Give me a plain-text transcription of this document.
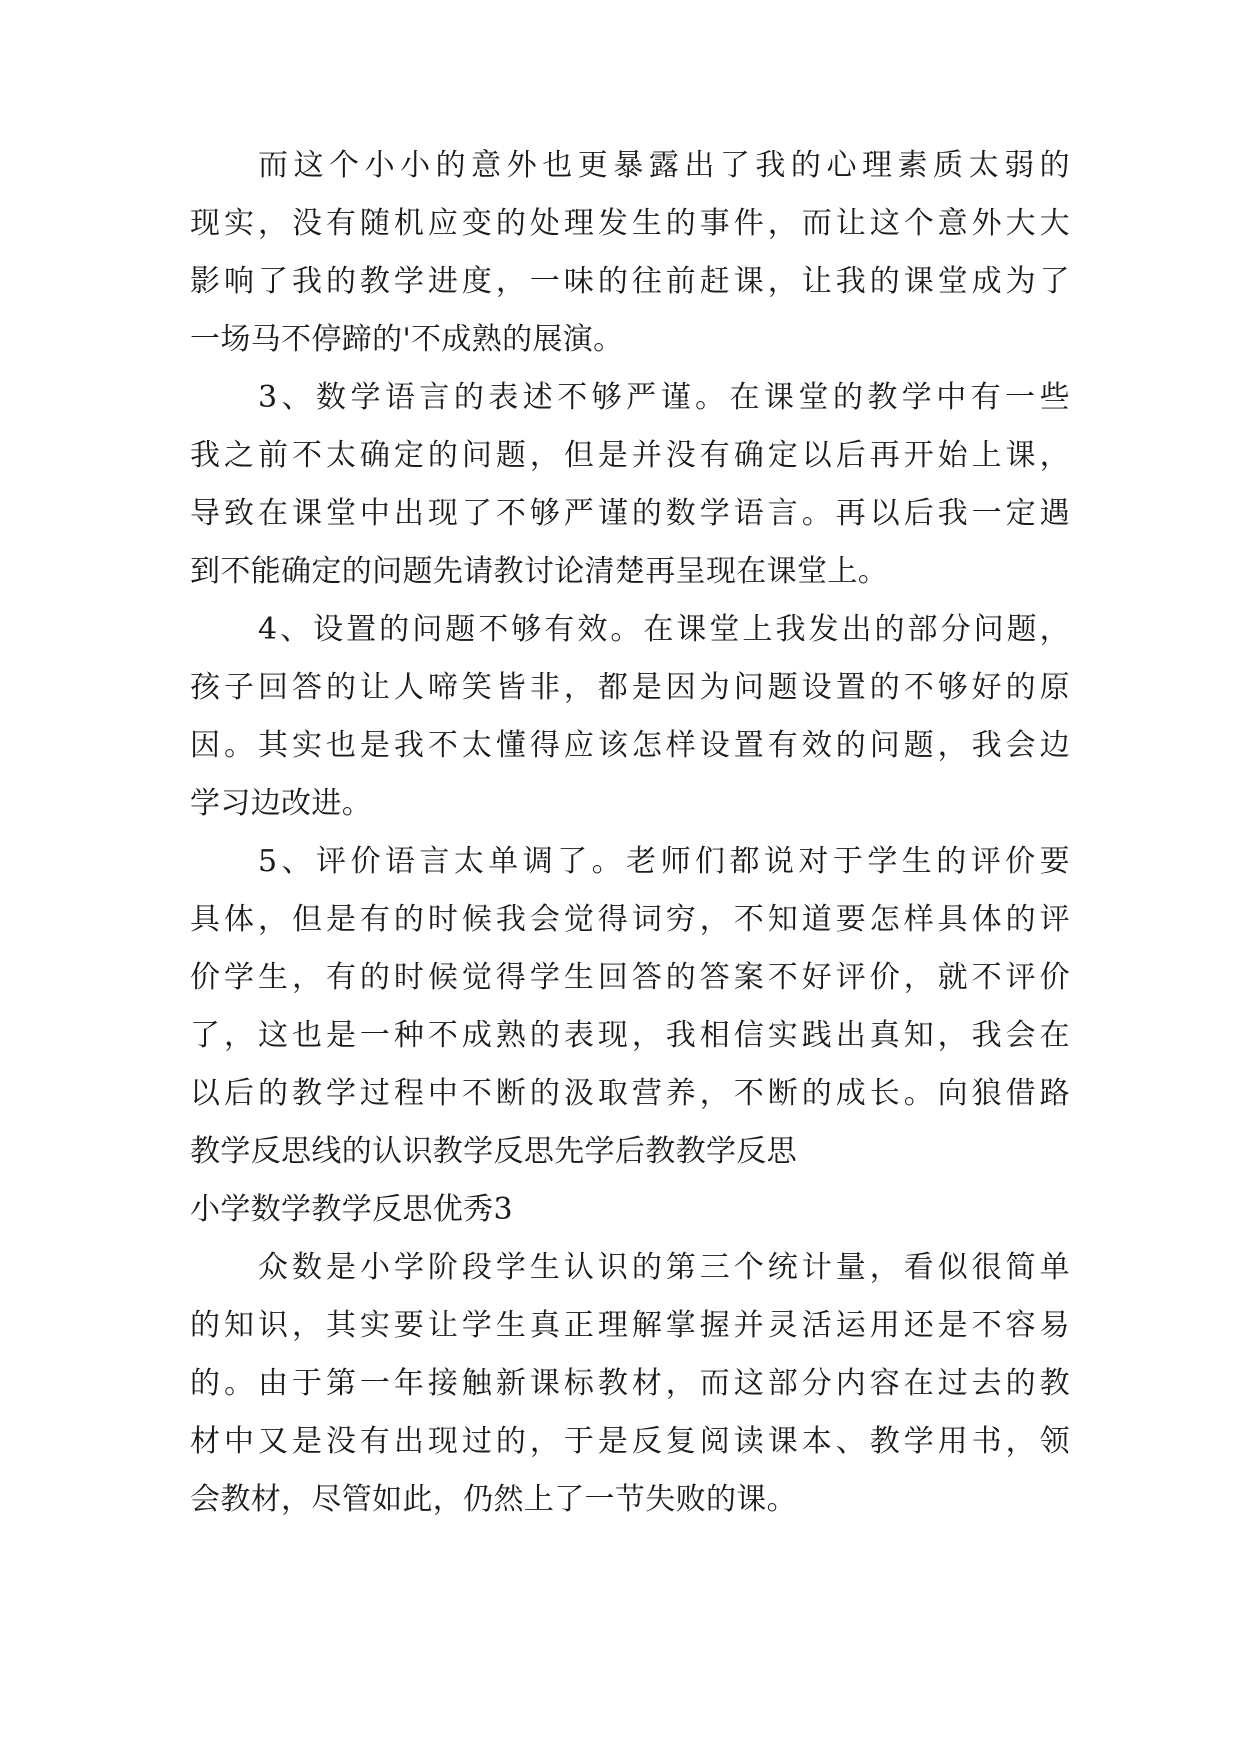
而这个小小的意外也更暴露出了我的心理素质太弱的
现实，没有随机应变的处理发生的事件，而让这个意外大大
影响了我的教学进度，一味的往前赶课，让我的课堂成为了
一场马不停蹄的'不成熟的展演。
3、数学语言的表述不够严谨。在课堂的教学中有一些
我之前不太确定的问题，但是并没有确定以后再开始上课，
导致在课堂中出现了不够严谨的数学语言。再以后我一定遇
到不能确定的问题先请教讨论清楚再呈现在课堂上。
4、设置的问题不够有效。在课堂上我发出的部分问题，
孩子回答的让人啼笑皆非，都是因为问题设置的不够好的原
因。其实也是我不太懂得应该怎样设置有效的问题，我会边
学习边改进。
5、评价语言太单调了。老师们都说对于学生的评价要
具体，但是有的时候我会觉得词穷，不知道要怎样具体的评
价学生，有的时候觉得学生回答的答案不好评价，就不评价
了，这也是一种不成熟的表现，我相信实践出真知，我会在
以后的教学过程中不断的汲取营养，不断的成长。向狼借路
教学反思线的认识教学反思先学后教教学反思
小学数学教学反思优秀3
众数是小学阶段学生认识的第三个统计量，看似很简单
的知识，其实要让学生真正理解掌握并灵活运用还是不容易
的。由于第一年接触新课标教材，而这部分内容在过去的教
材中又是没有出现过的，于是反复阅读课本、教学用书，领
会教材，尽管如此，仍然上了一节失败的课。
